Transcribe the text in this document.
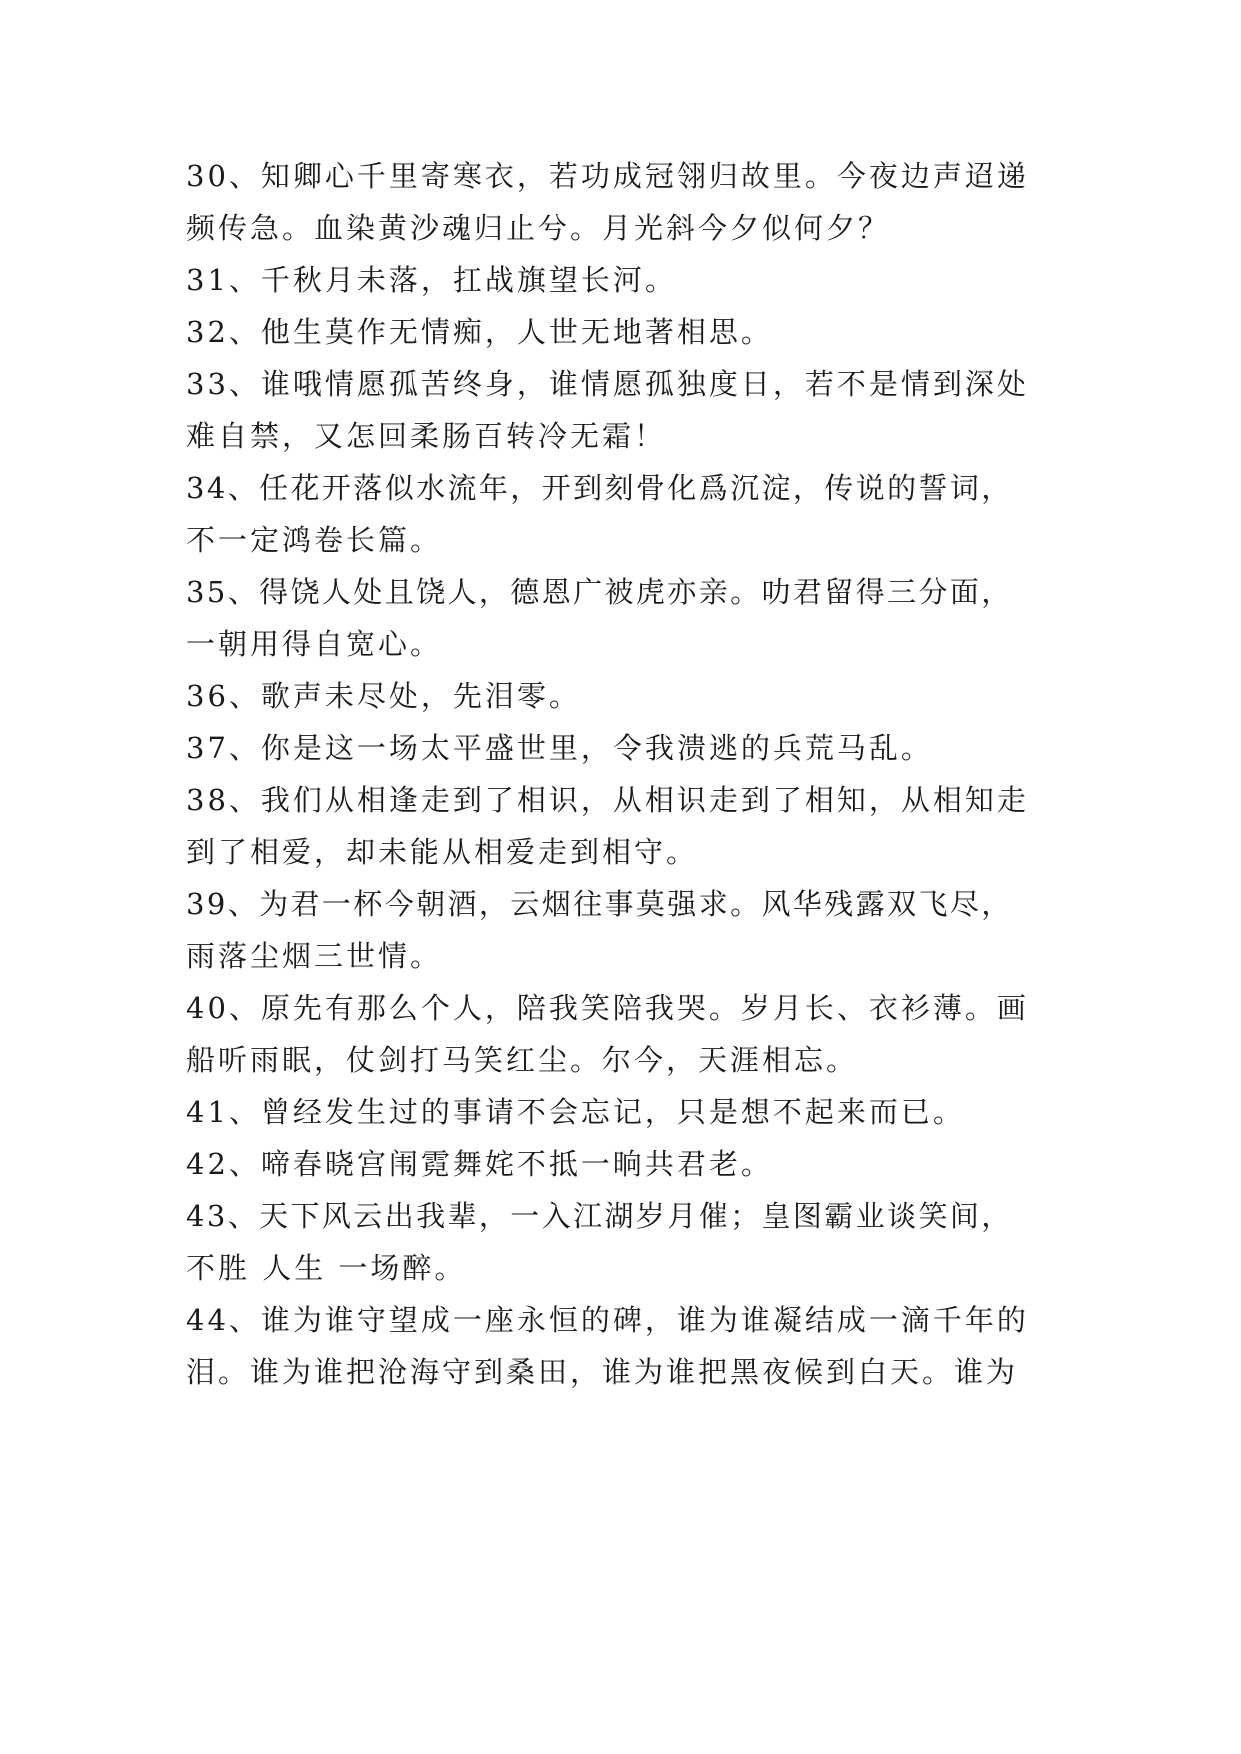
30、知卿心千里寄寒衣，若功成冠翎归故里。今夜边声迢递
频传急。血染黄沙魂归止兮。月光斜今夕似何夕？
31、千秋月未落，扛战旗望长河。
32、他生莫作无情痴，人世无地著相思。
33、谁哦情愿孤苦终身，谁情愿孤独度日，若不是情到深处
难自禁，又怎回柔肠百转冷无霜！
34、任花开落似水流年，开到刻骨化爲沉淀，传说的誓词，
不一定鸿卷长篇。
35、得饶人处且饶人，德恩广被虎亦亲。叻君留得三分面，
一朝用得自宽心。
36、歌声未尽处，先泪零。
37、你是这一场太平盛世里，令我溃逃的兵荒马乱。
38、我们从相逢走到了相识，从相识走到了相知，从相知走
到了相爱，却未能从相爱走到相守。
39、为君一杯今朝酒，云烟往事莫强求。风华残露双飞尽，
雨落尘烟三世情。
40、原先有那么个人，陪我笑陪我哭。岁月长、衣衫薄。画
船听雨眠，仗剑打马笑红尘。尔今，天涯相忘。
41、曾经发生过的事请不会忘记，只是想不起来而已。
42、啼春晓宫闱霓舞姹不抵一晌共君老。
43、天下风云出我辈，一入江湖岁月催；皇图霸业谈笑间，
不胜 人生 一场醉。
44、谁为谁守望成一座永恒的碑，谁为谁凝结成一滴千年的
泪。谁为谁把沧海守到桑田，谁为谁把黑夜候到白天。谁为
